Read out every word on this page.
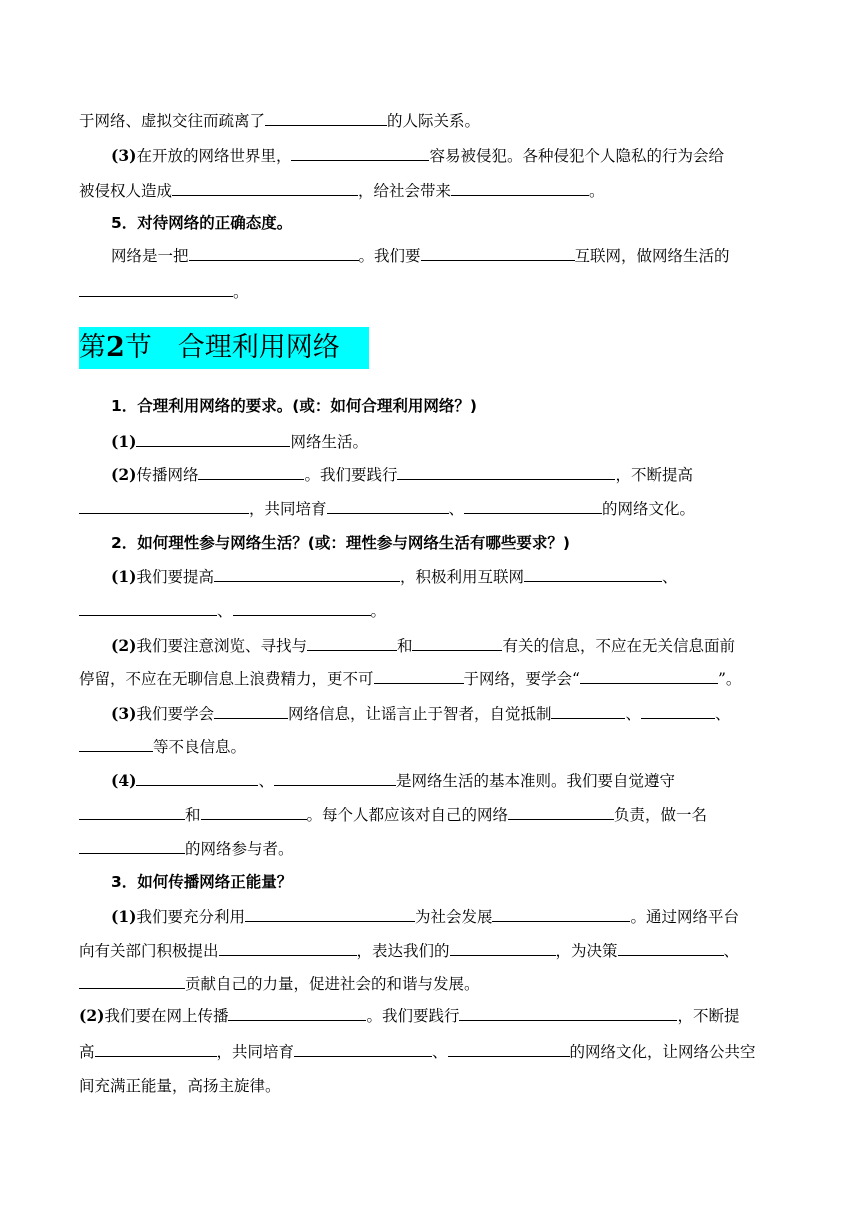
于网络、虚拟交往而疏离了	的人际关系。
(3)在开放的网络世界里，	容易被侵犯。各种侵犯个人隐私的行为会给
被侵权人造成	，给社会带来	。
5．对待网络的正确态度。
网络是一把	。我们要	互联网，做网络生活的
。
第2节 合理利用网络
1．合理利用网络的要求。(或：如何合理利用网络？)
(1)	网络生活。
(2)传播网络	。我们要践行	，不断提高
，共同培育	、	的网络文化。
2．如何理性参与网络生活？(或：理性参与网络生活有哪些要求？)
(1)我们要提高	，积极利用互联网	、
、	。
(2)我们要注意浏览、寻找与	和	有关的信息，不应在无关信息面前
停留，不应在无聊信息上浪费精力，更不可	于网络，要学会“	”。
(3)我们要学会	网络信息，让谣言止于智者，自觉抵制	、	、
等不良信息。
(4)	、	是网络生活的基本准则。我们要自觉遵守
和	。每个人都应该对自己的网络	负责，做一名
的网络参与者。
3．如何传播网络正能量？
(1)我们要充分利用	为社会发展	。通过网络平台
向有关部门积极提出	，表达我们的	，为决策	、
贡献自己的力量，促进社会的和谐与发展。
(2)我们要在网上传播	。我们要践行	，不断提
高	，共同培育	、	的网络文化，让网络公共空
间充满正能量，高扬主旋律。
